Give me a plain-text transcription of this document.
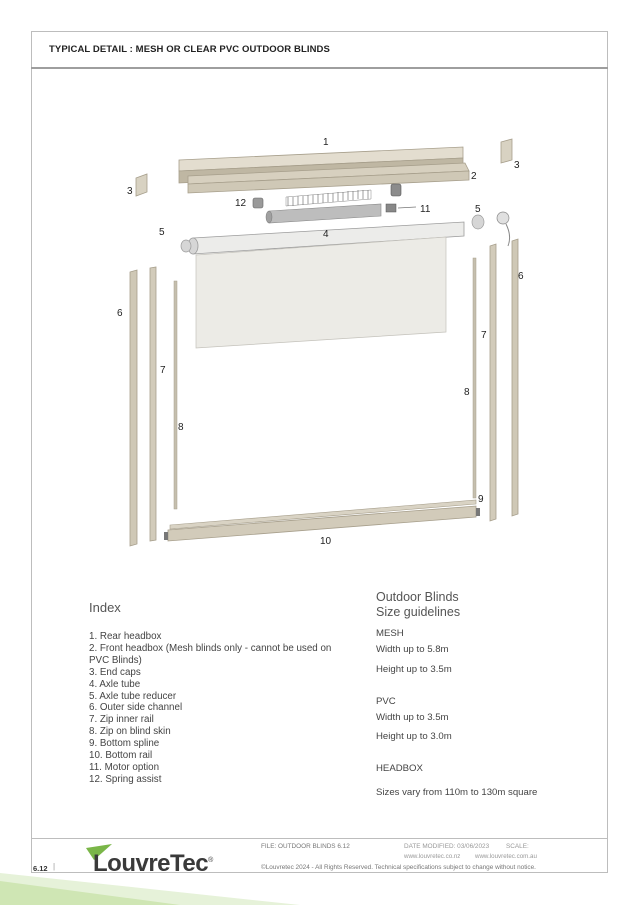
TYPICAL DETAIL : MESH OR CLEAR PVC OUTDOOR BLINDS
1
2
3
3
4
5
5
6
6
7
7
8
8
9
10
11
12
Index
1. Rear headbox
2. Front headbox (Mesh blinds only - cannot be used on PVC Blinds)
3. End caps
4. Axle tube
5. Axle tube reducer
6. Outer side channel
7. Zip inner rail
8. Zip on blind skin
9. Bottom spline
10. Bottom rail
11. Motor option
12. Spring assist
Outdoor Blinds
Size guidelines
MESH
Width up to 5.8m
Height up to 3.5m
PVC
Width up to 3.5m
Height up to 3.0m
HEADBOX
Sizes vary from 110m to 130m square
FILE: OUTDOOR BLINDS 6.12	DATE MODIFIED: 03/06/2023	SCALE:
www.louvretec.co.nz www.louvretec.com.au
©Louvretec 2024 - All Rights Reserved. Technical specifications subject to change without notice.
6.12 | LouvreTec®
